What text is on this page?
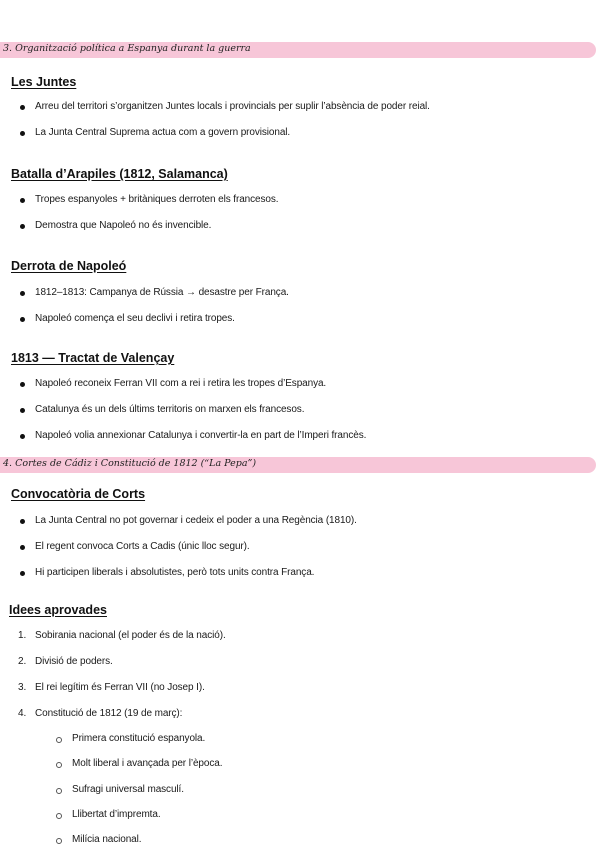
3. Organització política a Espanya durant la guerra
Les Juntes
Arreu del territori s’organitzen Juntes locals i provincials per suplir l’absència de poder reial.
La Junta Central Suprema actua com a govern provisional.
Batalla d’Arapiles (1812, Salamanca)
Tropes espanyoles + britàniques derroten els francesos.
Demostra que Napoleó no és invencible.
Derrota de Napoleó
1812–1813: Campanya de Rússia → desastre per França.
Napoleó comença el seu declivi i retira tropes.
1813 — Tractat de Valençay
Napoleó reconeix Ferran VII com a rei i retira les tropes d’Espanya.
Catalunya és un dels últims territoris on marxen els francesos.
Napoleó volia annexionar Catalunya i convertir-la en part de l’Imperi francès.
4. Cortes de Cádiz i Constitució de 1812 (“La Pepa”)
Convocatòria de Corts
La Junta Central no pot governar i cedeix el poder a una Regència (1810).
El regent convoca Corts a Cadis (únic lloc segur).
Hi participen liberals i absolutistes, però tots units contra França.
Idees aprovades
1. Sobirania nacional (el poder és de la nació).
2. Divisió de poders.
3. El rei legítim és Ferran VII (no Josep I).
4. Constitució de 1812 (19 de març):
Primera constitució espanyola.
Molt liberal i avançada per l’època.
Sufragi universal masculí.
Llibertat d’impremta.
Milícia nacional.
